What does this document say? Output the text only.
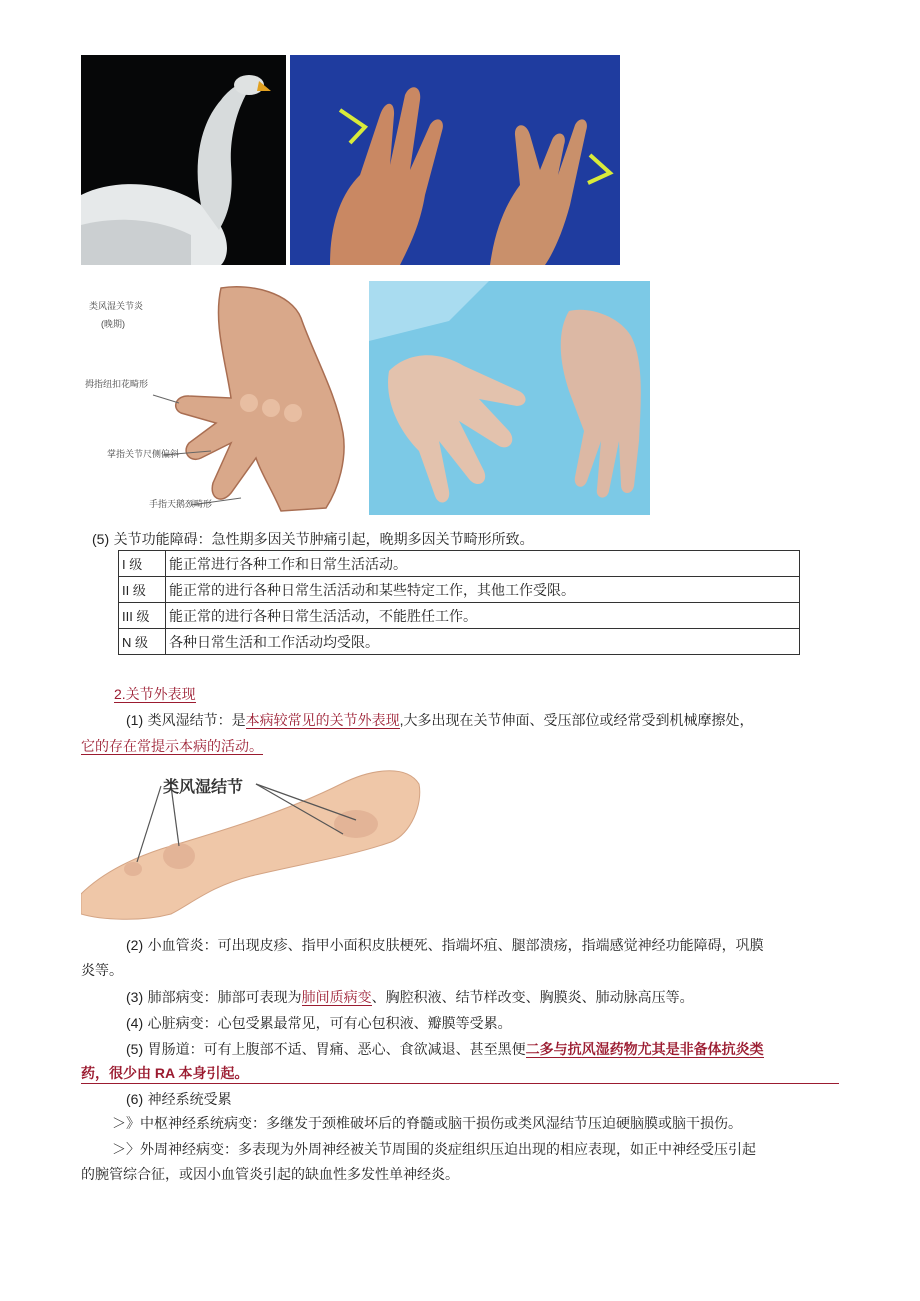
类风湿关节炎
(晚期)
拇指纽扣花畸形
掌指关节尺侧偏斜
手指天鹅颈畸形
(5) 关节功能障碍：急性期多因关节肿痛引起，晚期多因关节畸形所致。
I 级	能正常进行各种工作和日常生活活动。
II 级	能正常的进行各种日常生活活动和某些特定工作，其他工作受限。
III 级	能正常的进行各种日常生活活动，不能胜任工作。
N 级	各种日常生活和工作活动均受限。
2.关节外表现
(1) 类风湿结节：是本病较常见的关节外表现,大多出现在关节伸面、受压部位或经常受到机械摩擦处，
它的存在常提示本病的活动。
类风湿结节
(2) 小血管炎：可出现皮疹、指甲小面积皮肤梗死、指端坏疽、腿部溃疡，指端感觉神经功能障碍，巩膜
炎等。
(3) 肺部病变：肺部可表现为肺间质病变、胸腔积液、结节样改变、胸膜炎、肺动脉高压等。
(4) 心脏病变：心包受累最常见，可有心包积液、瓣膜等受累。
(5) 胃肠道：可有上腹部不适、胃痛、恶心、食欲减退、甚至黑便二多与抗风湿药物尤其是非备体抗炎类
药，很少由 RA 本身引起。
(6) 神经系统受累
＞》中枢神经系统病变：多继发于颈椎破坏后的脊髓或脑干损伤或类风湿结节压迫硬脑膜或脑干损伤。
＞〉外周神经病变：多表现为外周神经被关节周围的炎症组织压迫出现的相应表现，如正中神经受压引起
的腕管综合征，或因小血管炎引起的缺血性多发性单神经炎。
